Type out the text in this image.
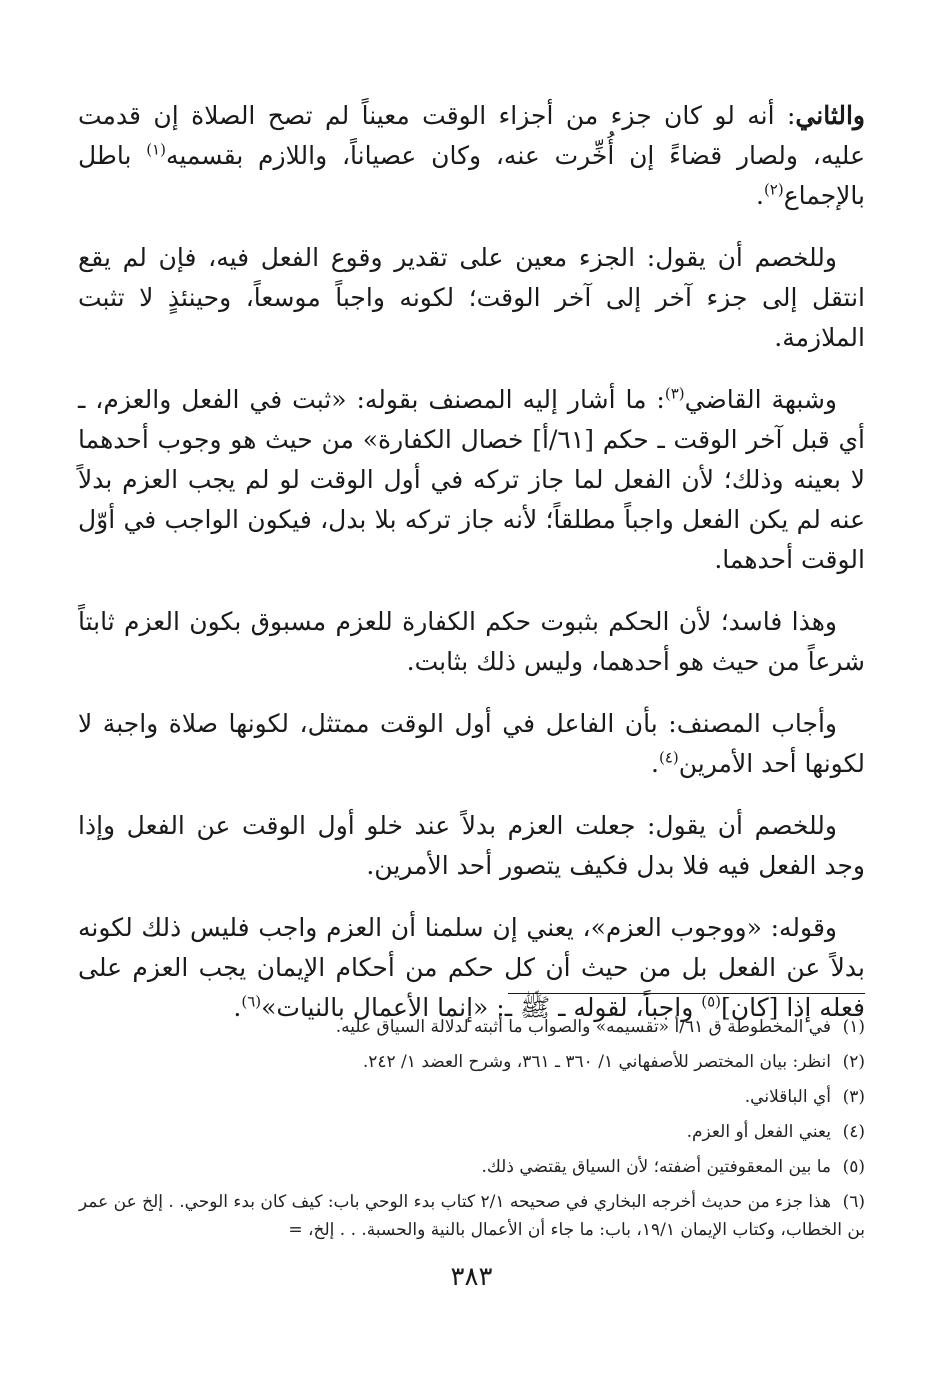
والثاني: أنه لو كان جزء من أجزاء الوقت معيناً لم تصح الصلاة إن قدمت عليه، ولصار قضاءً إن أُخِّرت عنه، وكان عصياناً، واللازم بقسميه$^{(١)}$ باطل بالإجماع$^{(٢)}$.

وللخصم أن يقول: الجزء معين على تقدير وقوع الفعل فيه، فإن لم يقع انتقل إلى جزء آخر إلى آخر الوقت؛ لكونه واجباً موسعاً، وحينئذٍ لا تثبت الملازمة.

وشبهة القاضي$^{(٣)}$: ما أشار إليه المصنف بقوله: «ثبت في الفعل والعزم، ـ أي قبل آخر الوقت ـ حكم [٦١/أ] خصال الكفارة» من حيث هو وجوب أحدهما لا بعينه وذلك؛ لأن الفعل لما جاز تركه في أول الوقت لو لم يجب العزم بدلاً عنه لم يكن الفعل واجباً مطلقاً؛ لأنه جاز تركه بلا بدل، فيكون الواجب في أوّل الوقت أحدهما.

وهذا فاسد؛ لأن الحكم بثبوت حكم الكفارة للعزم مسبوق بكون العزم ثابتاً شرعاً من حيث هو أحدهما، وليس ذلك بثابت.

وأجاب المصنف: بأن الفاعل في أول الوقت ممتثل، لكونها صلاة واجبة لا لكونها أحد الأمرين$^{(٤)}$.

وللخصم أن يقول: جعلت العزم بدلاً عند خلو أول الوقت عن الفعل وإذا وجد الفعل فيه فلا بدل فكيف يتصور أحد الأمرين.

وقوله: «ووجوب العزم»، يعني إن سلمنا أن العزم واجب فليس ذلك لكونه بدلاً عن الفعل بل من حيث أن كل حكم من أحكام الإيمان يجب العزم على فعله إذا [كان]$^{(٥)}$ واجباً، لقوله ـ ﷺ ـ: «إنما الأعمال بالنيات»$^{(٦)}$.

(١)في المخطوطة ق ٦١/أ «تقسيمه» والصواب ما أثبته لدلالة السياق عليه.
(٢)انظر: بيان المختصر للأصفهاني ١/ ٣٦٠ ـ ٣٦١، وشرح العضد ١/ ٢٤٢.
(٣)أي الباقلاني.
(٤)يعني الفعل أو العزم.
(٥)ما بين المعقوفتين أضفته؛ لأن السياق يقتضي ذلك.
(٦)هذا جزء من حديث أخرجه البخاري في صحيحه ٢/١ كتاب بدء الوحي باب: كيف كان بدء الوحي. . إلخ عن عمر بن الخطاب، وكتاب الإيمان ١٩/١، باب: ما جاء أن الأعمال بالنية والحسبة. . . إلخ، =
٣٨٣
